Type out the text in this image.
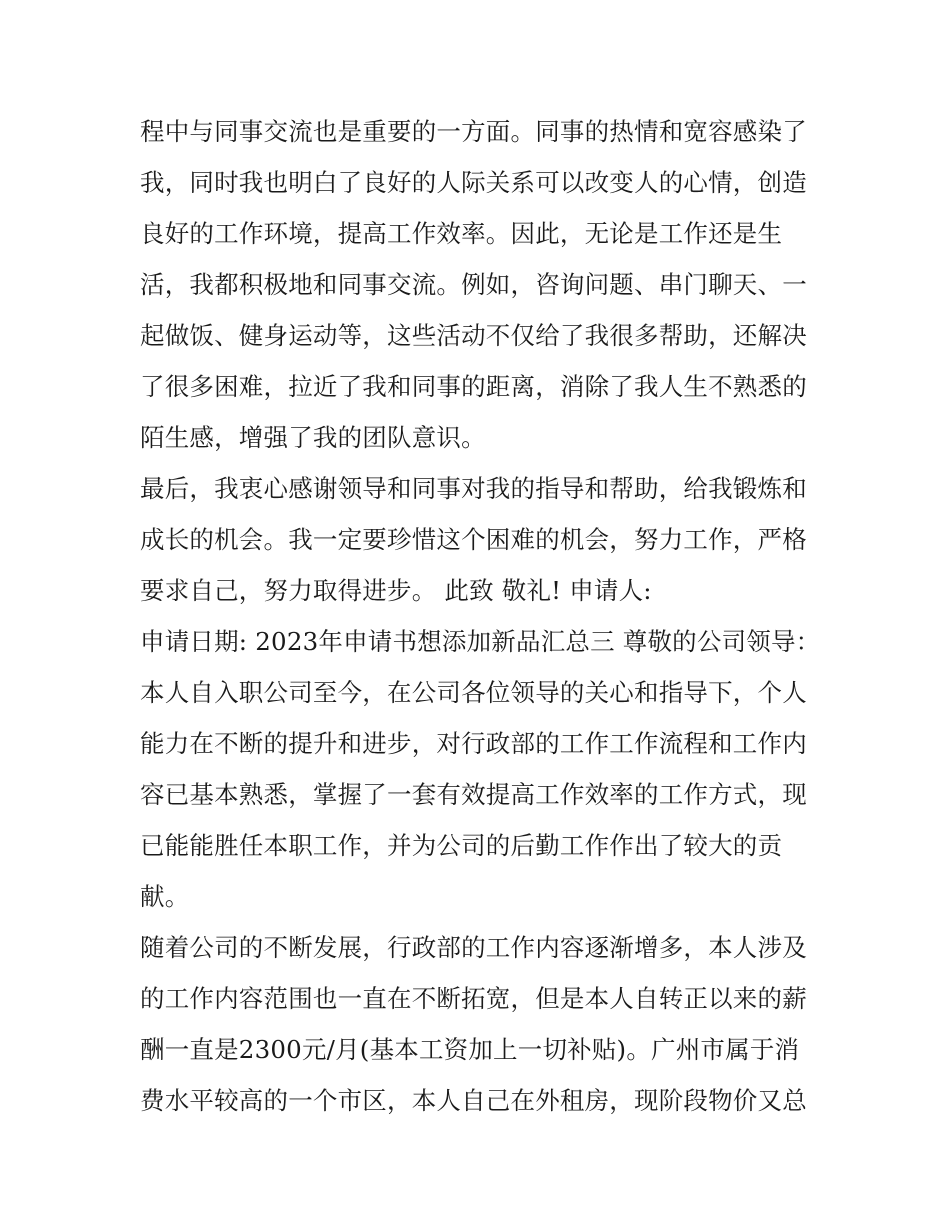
程中与同事交流也是重要的一方面。同事的热情和宽容感染了
我，同时我也明白了良好的人际关系可以改变人的心情，创造
良好的工作环境，提高工作效率。因此，无论是工作还是生
活，我都积极地和同事交流。例如，咨询问题、串门聊天、一
起做饭、健身运动等，这些活动不仅给了我很多帮助，还解决
了很多困难，拉近了我和同事的距离，消除了我人生不熟悉的
陌生感，增强了我的团队意识。
最后，我衷心感谢领导和同事对我的指导和帮助，给我锻炼和
成长的机会。我一定要珍惜这个困难的机会，努力工作，严格
要求自己，努力取得进步。 此致 敬礼! 申请人:
申请日期: 2023年申请书想添加新品汇总三 尊敬的公司领导：
本人自入职公司至今，在公司各位领导的关心和指导下，个人
能力在不断的提升和进步，对行政部的工作工作流程和工作内
容已基本熟悉，掌握了一套有效提高工作效率的工作方式，现
已能能胜任本职工作，并为公司的后勤工作作出了较大的贡
献。
随着公司的不断发展，行政部的工作内容逐渐增多，本人涉及
的工作内容范围也一直在不断拓宽，但是本人自转正以来的薪
酬一直是2300元/月(基本工资加上一切补贴)。广州市属于消
费水平较高的一个市区，本人自己在外租房，现阶段物价又总
